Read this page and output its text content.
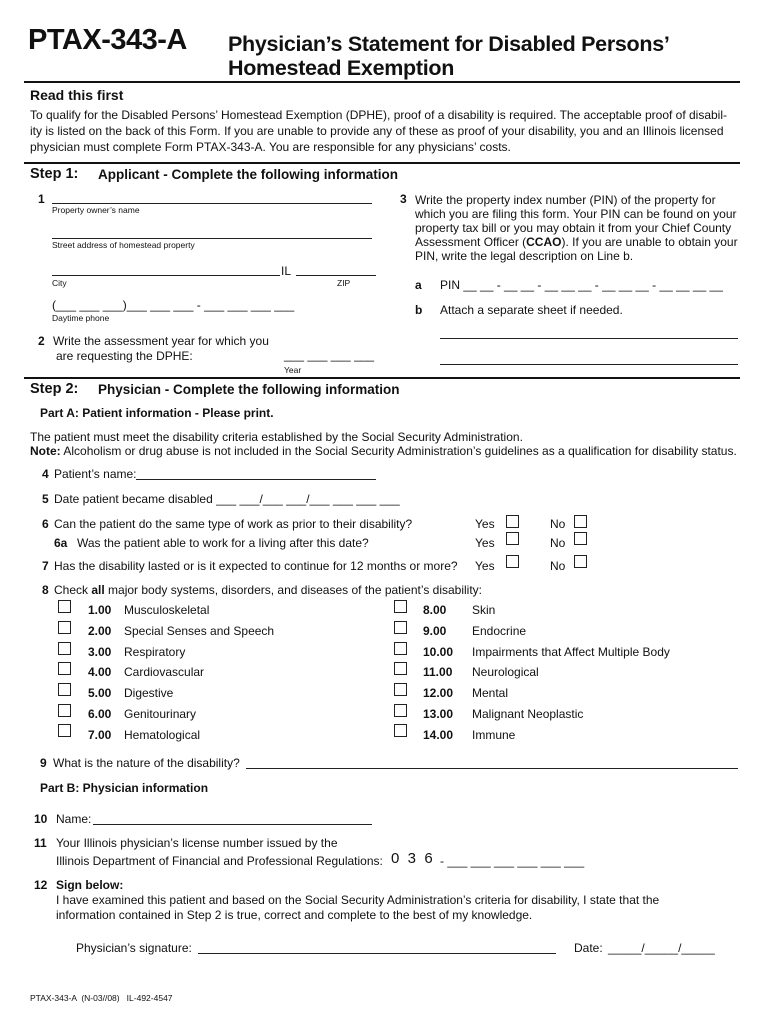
PTAX-343-A Physician’s Statement for Disabled Persons’
Homestead Exemption
Read this first
To qualify for the Disabled Persons’ Homestead Exemption (DPHE), proof of a disability is required. The acceptable proof of disabil-
ity is listed on the back of this Form. If you are unable to provide any of these as proof of your disability, you and an Illinois licensed
physician must complete Form PTAX-343-A. You are responsible for any physicians’ costs.
Step 1: Applicant - Complete the following information
1
Property owner’s name
Street address of homestead property
IL
City	ZIP
(___ ___ ___)___ ___ ___ - ___ ___ ___ ___
Daytime phone
2 Write the assessment year for which you
are requesting the DPHE:	___ ___ ___ ___
Year
3 Write the property index number (PIN) of the property for
which you are filing this form. Your PIN can be found on your
property tax bill or you may obtain it from your Chief County
Assessment Officer (CCAO). If you are unable to obtain your
PIN, write the legal description on Line b.
a PIN __ __ - __ __ - __ __ __ - __ __ __ - __ __ __ __
b Attach a separate sheet if needed.
Step 2: Physician - Complete the following information
Part A: Patient information - Please print.
The patient must meet the disability criteria established by the Social Security Administration.
Note: Alcoholism or drug abuse is not included in the Social Security Administration’s guidelines as a qualification for disability status.
4 Patient’s name:
5 Date patient became disabled ___ ___/___ ___/___ ___ ___ ___
6 Can the patient do the same type of work as prior to their disability?	Yes	No
6a Was the patient able to work for a living after this date?	Yes	No
7 Has the disability lasted or is it expected to continue for 12 months or more? Yes	No
8 Check all major body systems, disorders, and diseases of the patient’s disability:
1.00 Musculoskeletal
2.00 Special Senses and Speech
3.00 Respiratory
4.00 Cardiovascular
5.00 Digestive
6.00 Genitourinary
7.00 Hematological
8.00 Skin
9.00 Endocrine
10.00 Impairments that Affect Multiple Body
11.00 Neurological
12.00 Mental
13.00 Malignant Neoplastic
14.00 Immune
9 What is the nature of the disability?
Part B: Physician information
10 Name:
11 Your Illinois physician’s license number issued by the
Illinois Department of Financial and Professional Regulations: 0  3  6 - ___ ___ ___ ___ ___ ___
12 Sign below:
I have examined this patient and based on the Social Security Administration’s criteria for disability, I state that the
information contained in Step 2 is true, correct and complete to the best of my knowledge.
Physician’s signature:	Date: _____/_____/_____
PTAX-343-A  (N-03//08)   IL-492-4547
